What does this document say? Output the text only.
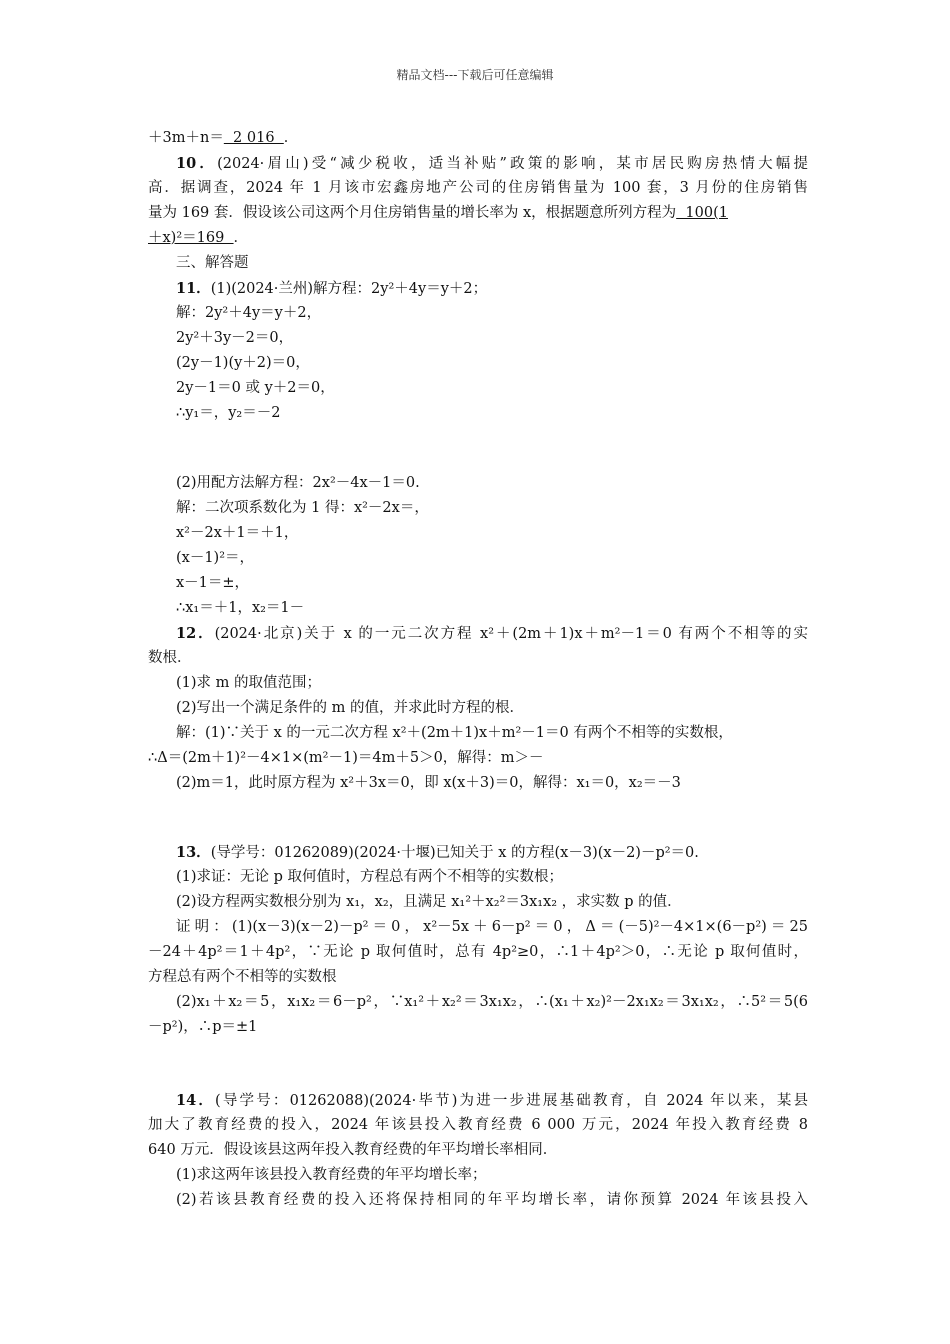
精品文档---下载后可任意编辑
＋3m＋n＝  2 016  ．
10．(2024·眉山)受“减少税收，适当补贴”政策的影响，某市居民购房热情大幅提
高．据调查，2024 年 1 月该市宏鑫房地产公司的住房销售量为 100 套，3 月份的住房销售
量为 169 套．假设该公司这两个月住房销售量的增长率为 x，根据题意所列方程为  100(1
＋x)²＝169  ．
三、解答题
11．(1)(2024·兰州)解方程：2y²＋4y＝y＋2；
解：2y²＋4y＝y＋2，
2y²＋3y－2＝0，
(2y－1)(y＋2)＝0，
2y－1＝0 或 y＋2＝0，
∴y₁＝，y₂＝－2
(2)用配方法解方程：2x²－4x－1＝0.
解：二次项系数化为 1 得：x²－2x＝，
x²－2x＋1＝＋1，
(x－1)²＝，
x－1＝±，
∴x₁＝＋1，x₂＝1－
12．(2024·北京)关于 x 的一元二次方程 x²＋(2m＋1)x＋m²－1＝0 有两个不相等的实
数根．
(1)求 m 的取值范围；
(2)写出一个满足条件的 m 的值，并求此时方程的根．
解：(1)∵关于 x 的一元二次方程 x²＋(2m＋1)x＋m²－1＝0 有两个不相等的实数根，
∴Δ＝(2m＋1)²－4×1×(m²－1)＝4m＋5＞0，解得：m＞－
(2)m＝1，此时原方程为 x²＋3x＝0，即 x(x＋3)＝0，解得：x₁＝0，x₂＝－3
13．(导学号：01262089)(2024·十堰)已知关于 x 的方程(x－3)(x－2)－p²＝0.
(1)求证：无论 p 取何值时，方程总有两个不相等的实数根；
(2)设方程两实数根分别为 x₁，x₂，且满足 x₁²＋x₂²＝3x₁x₂ ，求实数 p 的值．
证明：(1)(x－3)(x－2)－p²＝0，x²－5x＋6－p²＝0，Δ＝(－5)²－4×1×(6－p²)＝25
－24＋4p²＝1＋4p²，∵无论 p 取何值时，总有 4p²≥0，∴1＋4p²＞0，∴无论 p 取何值时，
方程总有两个不相等的实数根
(2)x₁＋x₂＝5，x₁x₂＝6－p²，∵x₁²＋x₂²＝3x₁x₂，∴(x₁＋x₂)²－2x₁x₂＝3x₁x₂，∴5²＝5(6
－p²)，∴p＝±1
14．(导学号：01262088)(2024·毕节)为进一步进展基础教育，自 2024 年以来，某县
加大了教育经费的投入，2024 年该县投入教育经费 6 000 万元，2024 年投入教育经费 8
640 万元．假设该县这两年投入教育经费的年平均增长率相同．
(1)求这两年该县投入教育经费的年平均增长率；
(2)若该县教育经费的投入还将保持相同的年平均增长率，请你预算 2024 年该县投入
